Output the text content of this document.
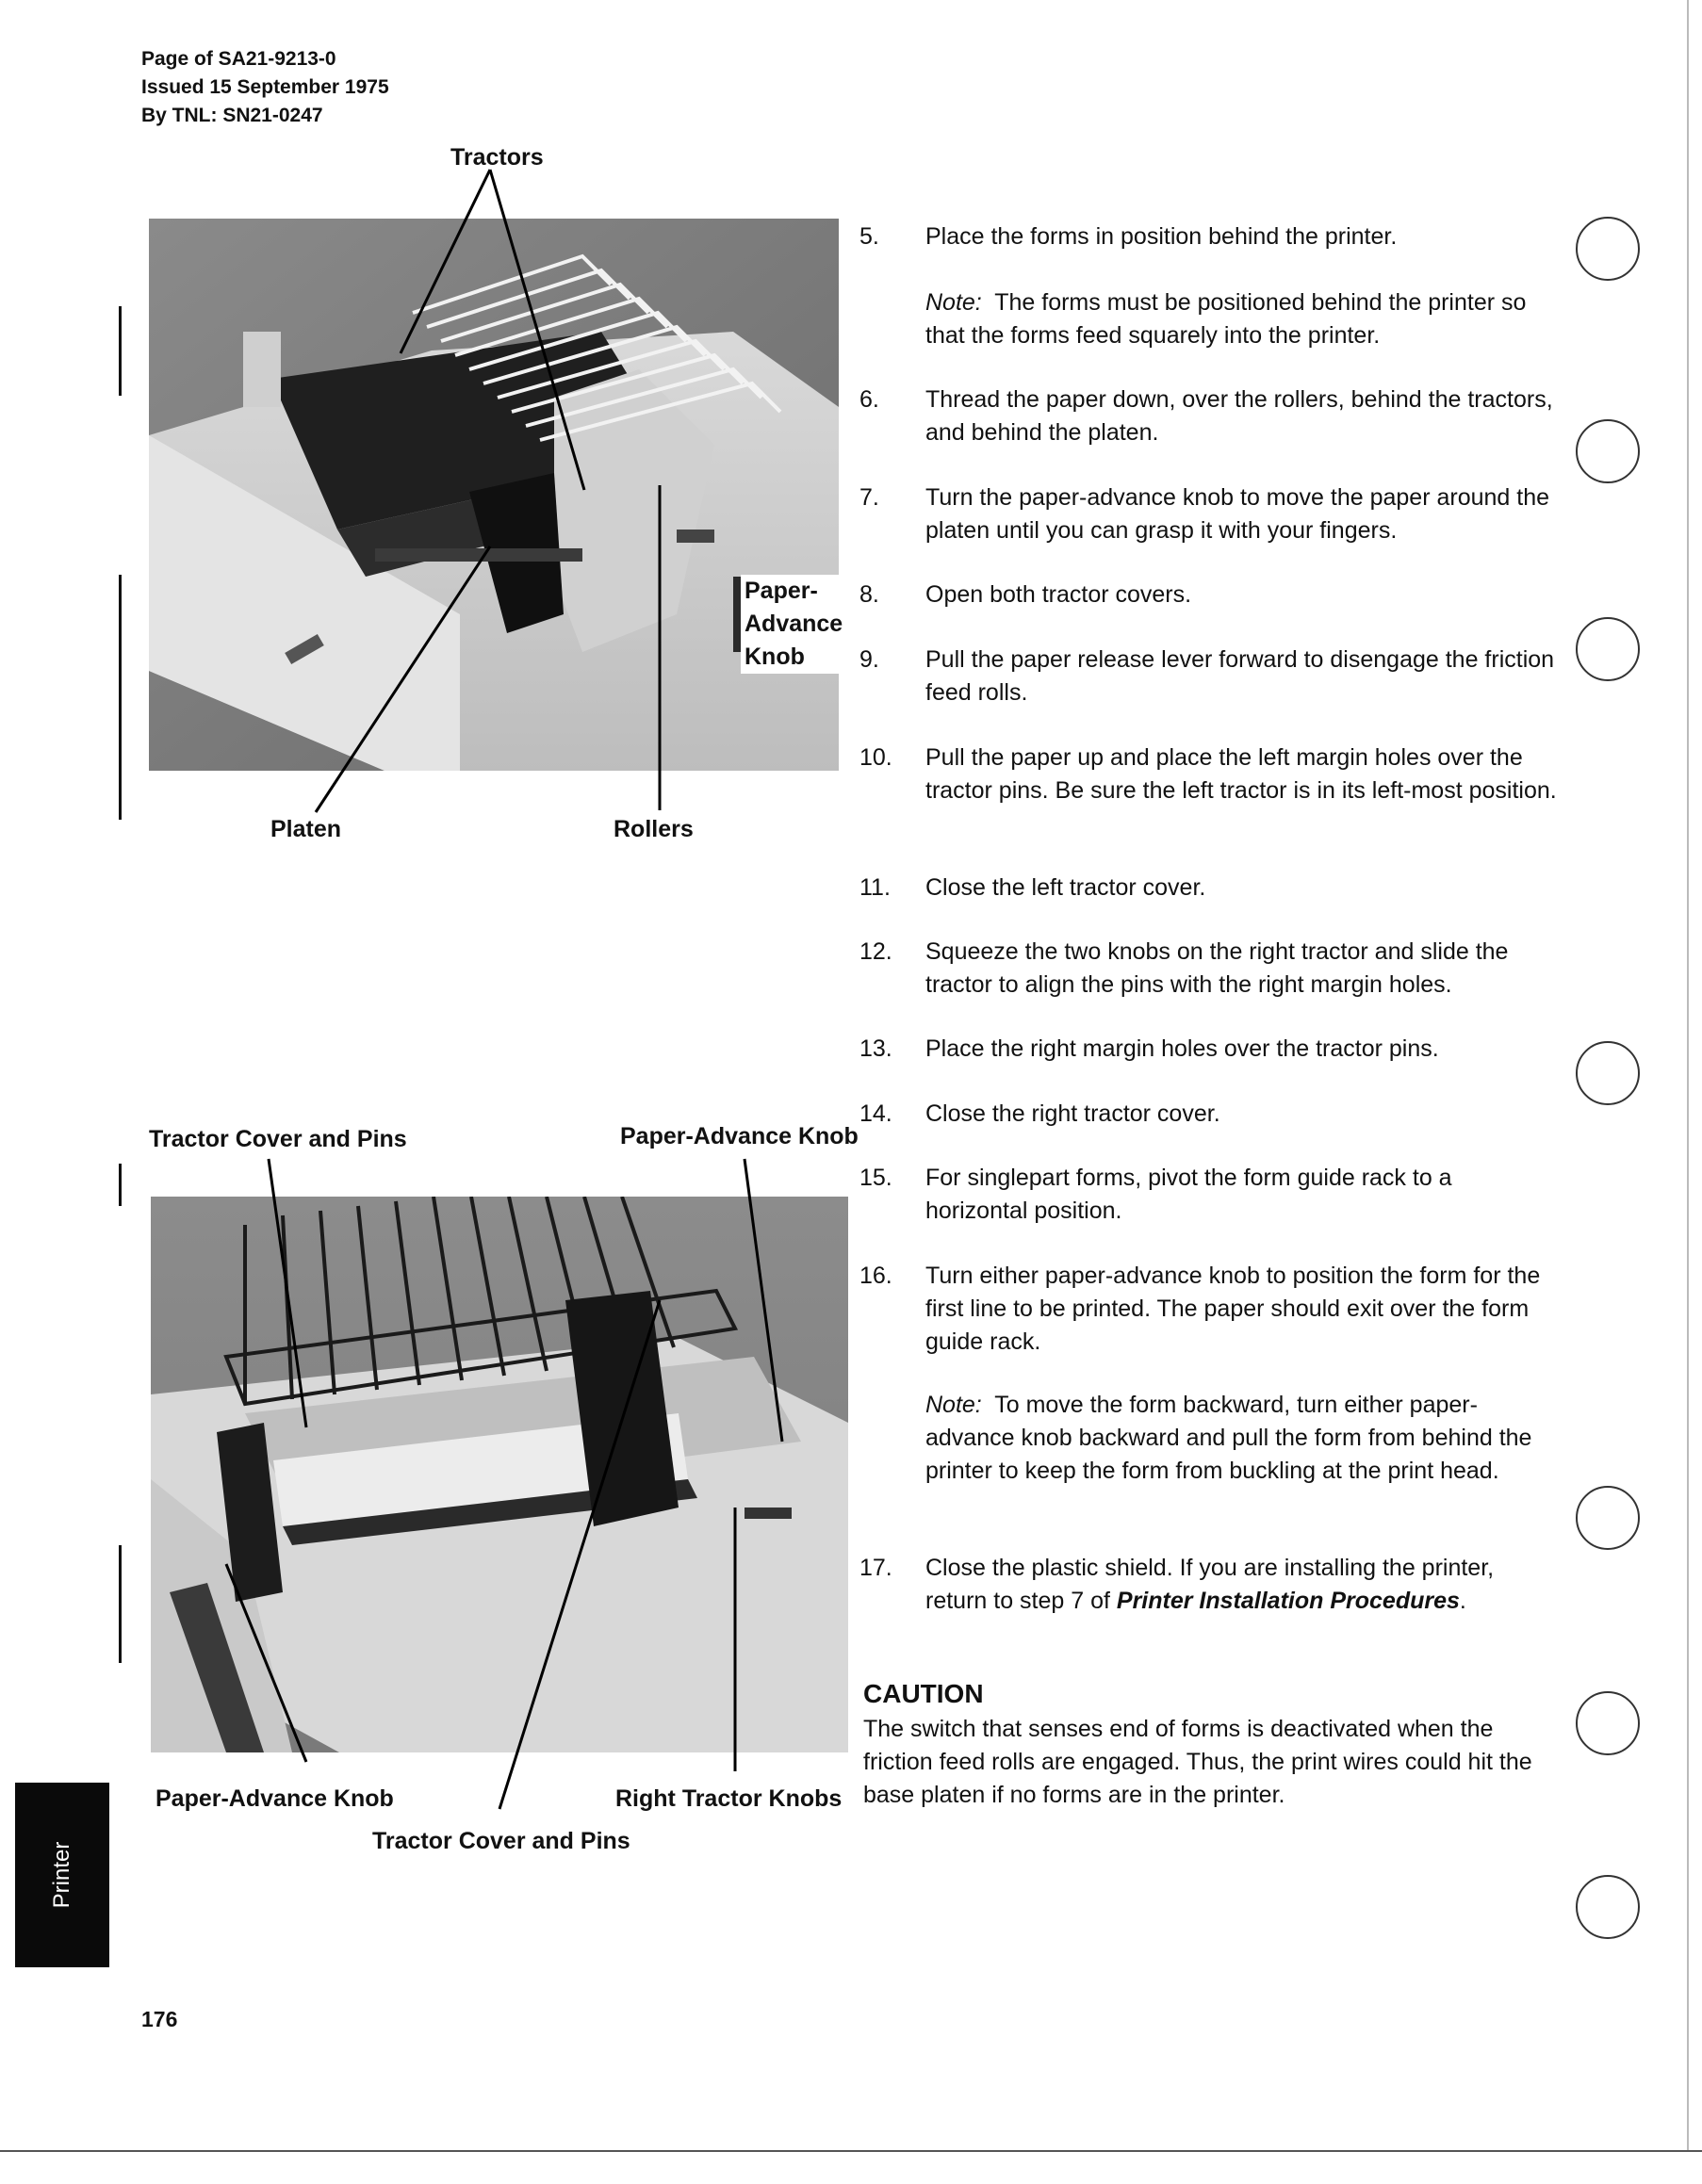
Page of SA21-9213-0
Issued 15 September 1975
By TNL: SN21-0247
Tractors
Paper-
Advance
Knob
Platen	Rollers
Tractor Cover and Pins	Paper-Advance Knob
Paper-Advance Knob	Right Tractor Knobs
Tractor Cover and Pins
5. Place the forms in position behind the printer.
Note: The forms must be positioned behind the printer so that the forms feed squarely into the printer.
6. Thread the paper down, over the rollers, behind the tractors, and behind the platen.
7. Turn the paper-advance knob to move the paper around the platen until you can grasp it with your fingers.
8. Open both tractor covers.
9. Pull the paper release lever forward to disengage the friction feed rolls.
10. Pull the paper up and place the left margin holes over the tractor pins. Be sure the left tractor is in its left-most position.
11. Close the left tractor cover.
12. Squeeze the two knobs on the right tractor and slide the tractor to align the pins with the right margin holes.
13. Place the right margin holes over the tractor pins.
14. Close the right tractor cover.
15. For singlepart forms, pivot the form guide rack to a horizontal position.
16. Turn either paper-advance knob to position the form for the first line to be printed. The paper should exit over the form guide rack.
Note: To move the form backward, turn either paper-advance knob backward and pull the form from behind the printer to keep the form from buckling at the print head.
17. Close the plastic shield. If you are installing the printer, return to step 7 of Printer Installation Procedures.
CAUTION
The switch that senses end of forms is deactivated when the friction feed rolls are engaged. Thus, the print wires could hit the base platen if no forms are in the printer.
Printer
176
